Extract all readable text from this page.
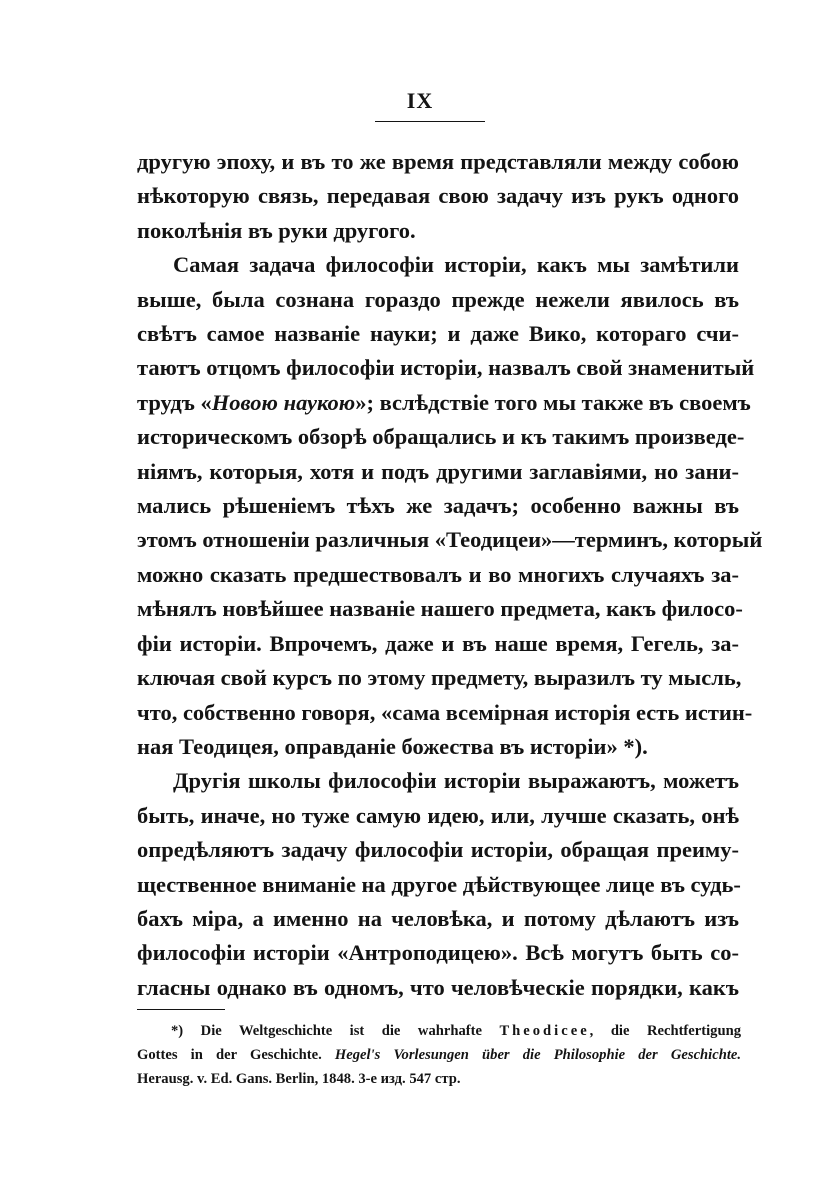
IX
другую эпоху, и въ то же время представляли между собою
нѣкоторую связь, передавая свою задачу изъ рукъ одного
поколѣнія въ руки другого.
Самая задача философіи исторіи, какъ мы замѣтили
выше, была сознана гораздо прежде нежели явилось въ
свѣтъ самое названіе науки; и даже Вико, котораго счи-
таютъ отцомъ философіи исторіи, назвалъ свой знаменитый
трудъ «Новою наукою»; вслѣдствіе того мы также въ своемъ
историческомъ обзорѣ обращались и къ такимъ произведе-
ніямъ, которыя, хотя и подъ другими заглавіями, но зани-
мались рѣшеніемъ тѣхъ же задачъ; особенно важны въ
этомъ отношеніи различныя «Теодицеи»—терминъ, который
можно сказать предшествовалъ и во многихъ случаяхъ за-
мѣнялъ новѣйшее названіе нашего предмета, какъ филосо-
фіи исторіи. Впрочемъ, даже и въ наше время, Гегель, за-
ключая свой курсъ по этому предмету, выразилъ ту мысль,
что, собственно говоря, «сама всемірная исторія есть истин-
ная Теодицея, оправданіе божества въ исторіи» *).
Другія школы философіи исторіи выражаютъ, можетъ
быть, иначе, но туже самую идею, или, лучше сказать, онѣ
опредѣляютъ задачу философіи исторіи, обращая преиму-
щественное вниманіе на другое дѣйствующее лице въ судь-
бахъ міра, а именно на человѣка, и потому дѣлаютъ изъ
философіи исторіи «Антроподицею». Всѣ могутъ быть со-
гласны однако въ одномъ, что человѣческіе порядки, какъ
*) Die Weltgeschichte ist die wahrhafte Theodicee, die Rechtfertigung
Gottes in der Geschichte. Hegel's Vorlesungen über die Philosophie der Geschichte.
Herausg. v. Ed. Gans. Berlin, 1848. 3-е изд. 547 стр.
